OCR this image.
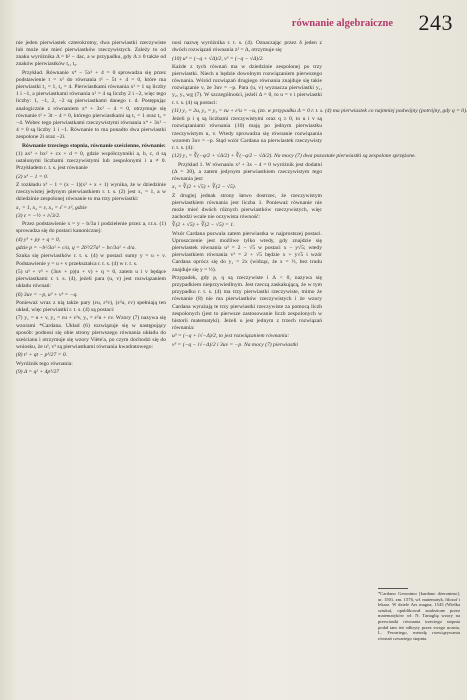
równanie algebraiczne 243

nie jeden pierwiastek czterokrotny, dwa pierwiastki rzeczywiste lub może nie mieć pierwiastków rzeczywistych. Zależy to od znaku wyróżnika Δ = b² − 4ac, a w przypadku, gdy Δ ≥ 0 także od znaków pierwiastków t₁, t₂.

Przykład. Równanie x⁴ − 5x² + 4 = 0 sprowadza się przez podstawienie t = x² do równania t² − 5t + 4 = 0, które ma pierwiastki t₁ = 1, t₂ = 4. Pierwiastkami równania x² = 1 są liczby 1 i −1, a pierwiastkami równania x² = 4 są liczby 2 i −2, więc tego liczby: 1, −1, 2, −2 są pierwiastkami danego r. d. Postępując analogicznie z równaniem x⁴ + 3x² − 4 = 0, otrzymuje się równanie t² + 3t − 4 = 0, którego pierwiastkami są t₁ = 1 oraz t₂ = −4. Wobec tego pierwiastkami rzeczywistymi równania x⁴ + 3x² − 4 = 0 są liczby 1 i −1. Równanie to ma ponadto dwa pierwiastki zespolone 2i oraz −2i.

Równanie trzeciego stopnia, równanie sześcienne, równanie:

(1) ax³ + bx² + cx + d = 0, gdzie współczynniki a, b, c, d są ustalonymi liczbami rzeczywistymi lub zespolonymi i a ≠ 0. Przykładem r. t. s. jest równanie

(2) x³ − 1 = 0.

Z rozkładu x³ − 1 = (x − 1)(x² + x + 1) wynika, że w dziedzinie rzeczywistej jedynym pierwiastkiem r. t. s. (2) jest x₁ = 1, a w dziedzinie zespolonej równanie to ma trzy pierwiastki:

x₁ = 1, x₂ = ε, x₃ = ε̄ = ε², gdzie

(3) ε = −½ + i√3/2.

Przez podstawienie x = y − b/3a i podzielenie przez a, r.t.s. (1) sprowadza się do postaci kanonicznej:

(4) y³ + py + q = 0,

gdzie p = −b²/3a² + c/a, q = 2b³/27a³ − bc/3a² + d/a.

Szuka się pierwiastków r. t. s. (4) w postaci sumy y = u + v. Podstawienie y = u + v przekształca r. t. s. (4) w r. t. s.

(5) u³ + v³ + (3uv + p)(u + v) + q = 0, zatem u i v będące pierwiastkami r. t. s. (4), jeżeli para (u, v) jest rozwiązaniem układu równań:

(6) 3uv = −p, u³ + v³ = −q.

Ponieważ wraz z nią także pary (εu, ε²v), (ε²u, εv) spełniają ten układ, więc pierwiastki r. t. s. (4) są postaci:

(7) y₁ = u + v, y₂ = εu + ε²v, y₃ = ε²u + εv. Wzory (7) nazywa się wzorami *Cardana. Układ (6) rozwiązuje się w następujący sposób: podnosi się obie strony pierwszego równania układu do sześcianu i otrzymuje się wzory Viète'a, po czym dochodzi się do wniosku, że u³, v³ są pierwiastkami równania kwadratowego:

(8) t² + qt − p³/27 = 0.

Wyróżnik tego równania:

(9) Δ = q² + 4p³/27

nosi nazwę wyróżnika r. t. s. (4). Oznaczając przez δ jeden z dwóch rozwiązań równania z² = Δ, otrzymuje się

(10) u³ = (−q + √Δ)/2, v³ = (−q − √Δ)/2.

Każde z tych równań ma w dziedzinie zespolonej po trzy pierwiastki. Niech u będzie dowolnym rozwiązaniem pierwszego równania. Wśród rozwiązań drugiego równania znajduje się takie rozwiązanie v, że 3uv = −p. Para (u, v) wyznacza pierwiastki y₁, y₂, y₃ wg (7). W szczególności, jeżeli Δ = 0, to u = v i pierwiastki r. t. s. (4) są postaci:

(11) y₁ = 2u, y₂ = y₃ = εu + ε²u = −u, (zn. w przypadku Δ = 0 r. t. s. (4) ma pierwiastek co najmniej podwójny (potrójny, gdy q = 0).

Jeżeli p i q są liczbami rzeczywistymi oraz q ≥ 0, to u i v są rozwiązaniami równania (10) mają po jednym pierwiastku rzeczywistym u, v. Wtedy sprowadza się równanie rozwiązania wzorem 3uv = −p. Stąd wzór Cardana na pierwiastek rzeczywisty r. t. s. (4):

(12) y₁ = ∛(−q/2 + √Δ/2) + ∛(−q/2 − √Δ/2). Na mocy (7) dwa pozostałe pierwiastki są zespolone sprzężone.

Przykład 1. W równaniu x³ + 3x − 4 = 0 wyróżnik jest dodatni (Δ = 20), a zatem jedynym pierwiastkiem rzeczywistym tego równania jest:

x₁ = ∛(2 + √5) + ∛(2 − √5).

Z drugiej jednak strony łatwo dostrzec, że rzeczywistym pierwiastkiem równania jest liczba 1. Ponieważ równanie nie może mieć dwóch różnych pierwiastków rzeczywistych, więc zachodzi wcale nie oczywista równość:

∛(2 + √5) + ∛(2 − √5) = 1.

Wzór Cardana pozwala zatem pierwiastka w najprostszej postaci. Uproszczenie jest możliwe tylko wtedy, gdy znajdzie się pierwiastek równania u³ = 2 − √5 w postaci x − y√5; wtedy pierwiastkiem równania v³ = 2 + √5 będzie x + y√5 i wzór Cardana oprócz się do y₁ = 2x (widząc, że x = ½, bez trudu znajduje się y = ½).

Przypadek, gdy p, q są rzeczywiste i Δ < 0, nazywa się przypadkiem nieprzywiedlnym. Jest rzeczą zaskakującą, że w tym przypadku r. t. s. (4) ma trzy pierwiastki rzeczywiste, mimo że równanie (8) nie ma pierwiastków rzeczywistych i że wzory Cardana wyrażają te trzy pierwiastki rzeczywiste za pomocą liczb zespolonych (jest to pierwsze zastosowanie liczb zespolonych w historii matematyki). Jeżeli u jest jednym z trzech rozwiązań równania:

u³ = (−q + i√−Δ)/2, to jest rozwiązaniem równania:

v³ = (−q − i√−Δ)/2 i 3uv = −p. Na mocy (7) pierwiastki

*Cardano Geronimo [kardano dżeronimo], ur. 1501, zm. 1576, wł. matematyk, filozof i lekarz. W dziele Ars magna, 1545 (Wielka sztuka), opublikował znalezione przez matematyków wł. N. Tartaglię wzory na pierwiastki równania trzeciego stopnia podał tam też odkryty przez swego ucznia, L. Ferrariego, metodę rozwiązywania równań czwartego stopnia.
